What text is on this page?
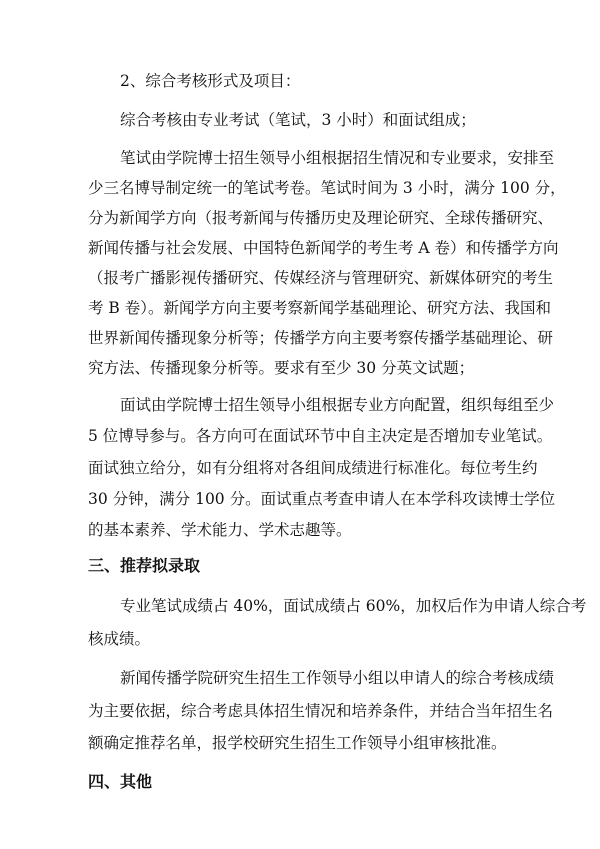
2、综合考核形式及项目：
综合考核由专业考试（笔试，3 小时）和面试组成；
笔试由学院博士招生领导小组根据招生情况和专业要求，安排至
少三名博导制定统一的笔试考卷。笔试时间为 3 小时，满分 100 分，
分为新闻学方向（报考新闻与传播历史及理论研究、全球传播研究、
新闻传播与社会发展、中国特色新闻学的考生考 A 卷）和传播学方向
（报考广播影视传播研究、传媒经济与管理研究、新媒体研究的考生
考 B 卷）。新闻学方向主要考察新闻学基础理论、研究方法、我国和
世界新闻传播现象分析等；传播学方向主要考察传播学基础理论、研
究方法、传播现象分析等。要求有至少 30 分英文试题；
面试由学院博士招生领导小组根据专业方向配置，组织每组至少
5 位博导参与。各方向可在面试环节中自主决定是否增加专业笔试。
面试独立给分，如有分组将对各组间成绩进行标准化。每位考生约
30 分钟，满分 100 分。面试重点考查申请人在本学科攻读博士学位
的基本素养、学术能力、学术志趣等。
三、推荐拟录取
专业笔试成绩占 40%，面试成绩占 60%，加权后作为申请人综合考
核成绩。
新闻传播学院研究生招生工作领导小组以申请人的综合考核成绩
为主要依据，综合考虑具体招生情况和培养条件，并结合当年招生名
额确定推荐名单，报学校研究生招生工作领导小组审核批准。
四、其他
